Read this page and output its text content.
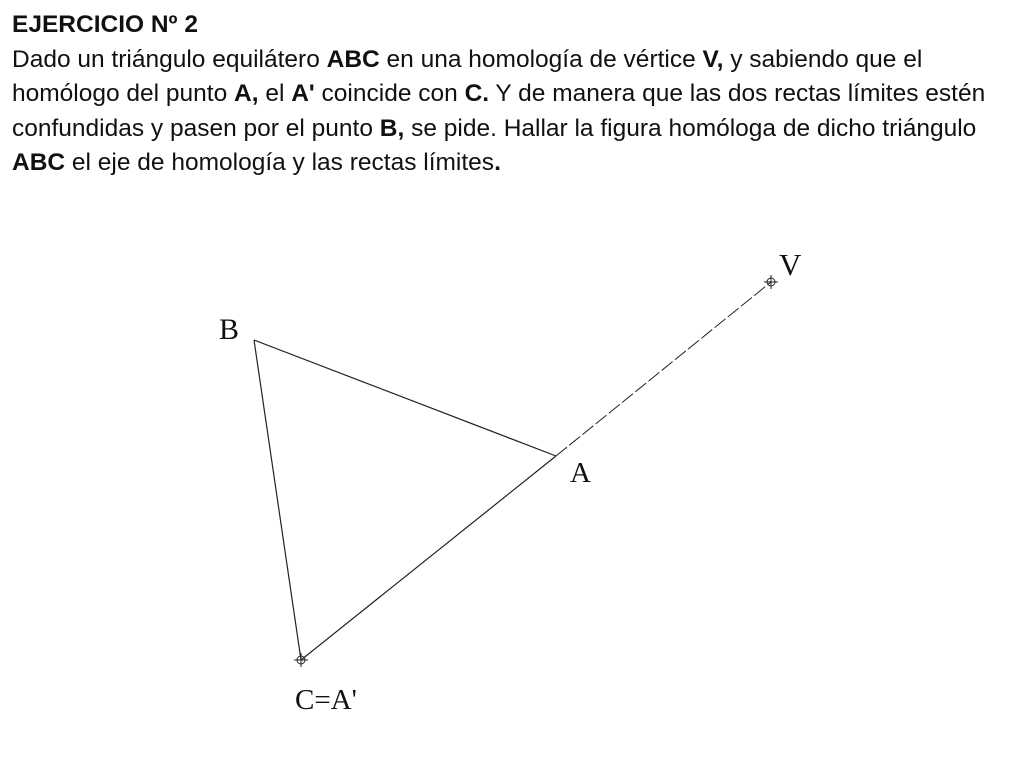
EJERCICIO Nº 2
Dado un triángulo equilátero ABC en una homología de vértice V, y sabiendo que el homólogo del punto A, el A' coincide con C. Y de manera que las dos rectas límites estén confundidas y pasen por el punto B, se pide. Hallar la figura homóloga de dicho triángulo ABC el eje de homología y las rectas límites.
V
B
A
C=A'
